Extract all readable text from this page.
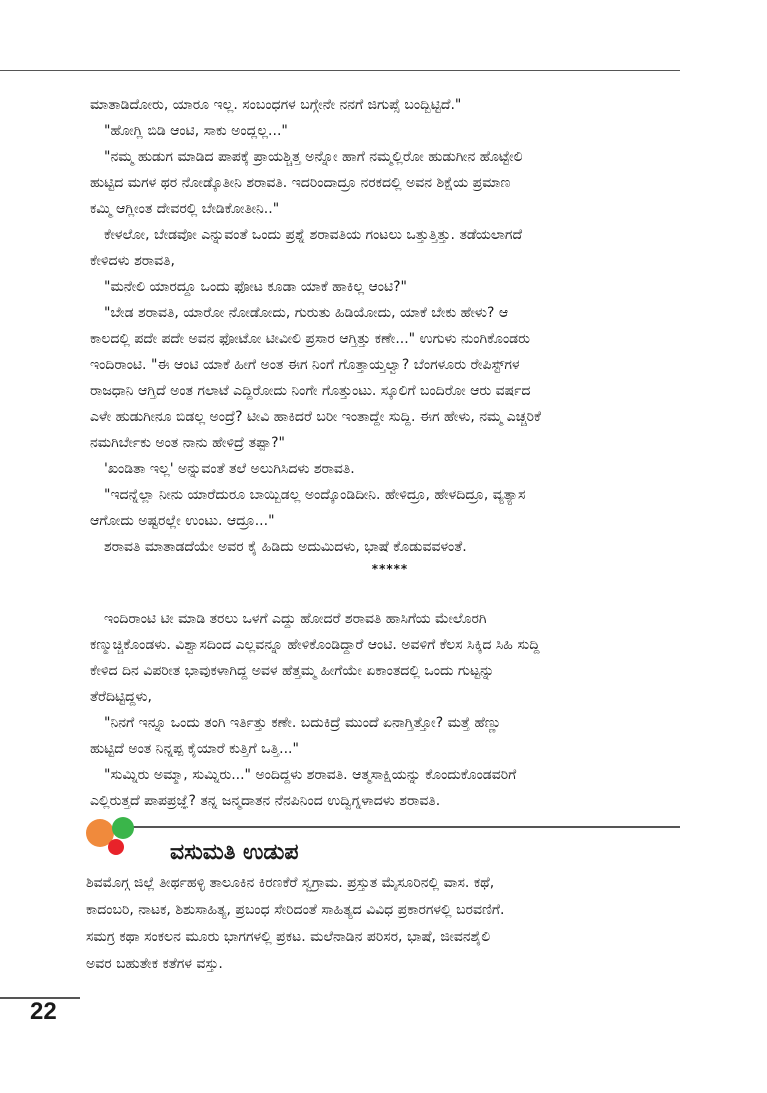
ಮಾತಾಡಿದೋರು, ಯಾರೂ ಇಲ್ಲ. ಸಂಬಂಧಗಳ ಬಗ್ಗೇನೇ ನನಗೆ ಜಿಗುಪ್ಸೆ ಬಂದ್ಬಿಟ್ಟಿದೆ."
"ಹೋಗ್ಲಿ ಬಿಡಿ ಆಂಟಿ, ಸಾಕು ಅಂದ್ಲಲ್ಲ..."
"ನಮ್ಮ ಹುಡುಗ ಮಾಡಿದ ಪಾಪಕ್ಕೆ ಪ್ರಾಯಶ್ಚಿತ್ತ ಅನ್ನೋ ಹಾಗೆ ನಮ್ಮಲ್ಲಿರೋ ಹುಡುಗೀನ ಹೊಟ್ಟೇಲಿ
ಹುಟ್ಟಿದ ಮಗಳ ಥರ ನೋಡ್ಕೊತೀನಿ ಶರಾವತಿ. ಇದರಿಂದಾದ್ರೂ ನರಕದಲ್ಲಿ ಅವನ ಶಿಕ್ಷೆಯ ಪ್ರಮಾಣ
ಕಮ್ಮಿ ಆಗ್ಲೀಂತ ದೇವರಲ್ಲಿ ಬೇಡಿಕೋತೀನಿ.."
ಕೇಳಲೋ, ಬೇಡವೋ ಎನ್ನುವಂತೆ ಒಂದು ಪ್ರಶ್ನೆ ಶರಾವತಿಯ ಗಂಟಲು ಒತ್ತುತ್ತಿತ್ತು. ತಡೆಯಲಾಗದೆ
ಕೇಳಿದಳು ಶರಾವತಿ,
"ಮನೇಲಿ ಯಾರದ್ದೂ ಒಂದು ಫೋಟ ಕೂಡಾ ಯಾಕೆ ಹಾಕಿಲ್ಲ ಆಂಟಿ?"
"ಬೇಡ ಶರಾವತಿ, ಯಾರೋ ನೋಡೋದು, ಗುರುತು ಹಿಡಿಯೋದು, ಯಾಕೆ ಬೇಕು ಹೇಳು? ಆ
ಕಾಲದಲ್ಲಿ ಪದೇ ಪದೇ ಅವನ ಫೋಟೋ ಟೀವೀಲಿ ಪ್ರಸಾರ ಆಗ್ತಿತ್ತು ಕಣೇ..." ಉಗುಳು ನುಂಗಿಕೊಂಡರು
ಇಂದಿರಾಂಟಿ. "ಈ ಆಂಟಿ ಯಾಕೆ ಹೀಗೆ ಅಂತ ಈಗ ನಿಂಗೆ ಗೊತ್ತಾಯ್ತಲ್ವಾ? ಬೆಂಗಳೂರು ರೇಪಿಸ್ಟ್‌ಗಳ
ರಾಜಧಾನಿ ಆಗ್ತಿದೆ ಅಂತ ಗಲಾಟೆ ಎದ್ದಿರೋದು ನಿಂಗೇ ಗೊತ್ತುಂಟು. ಸ್ಕೂಲಿಗೆ ಬಂದಿರೋ ಆರು ವರ್ಷದ
ಎಳೇ ಹುಡುಗೀನೂ ಬಿಡಲ್ಲ ಅಂದ್ರೆ? ಟೀವಿ ಹಾಕಿದರೆ ಬರೀ ಇಂತಾದ್ದೇ ಸುದ್ದಿ. ಈಗ ಹೇಳು, ನಮ್ಮ ಎಚ್ಚರಿಕೆ
ನಮಗಿರ್ಬೇಕು ಅಂತ ನಾನು ಹೇಳಿದ್ರೆ ತಪ್ಪಾ?"
'ಖಂಡಿತಾ ಇಲ್ಲ' ಅನ್ನುವಂತೆ ತಲೆ ಅಲುಗಿಸಿದಳು ಶರಾವತಿ.
"ಇದನ್ನೆಲ್ಲಾ ನೀನು ಯಾರೆದುರೂ ಬಾಯ್ಬಿಡಲ್ಲ ಅಂದ್ಕೊಂಡಿದೀನಿ. ಹೇಳಿದ್ರೂ, ಹೇಳದಿದ್ರೂ, ವ್ಯತ್ಯಾಸ
ಆಗೋದು ಅಷ್ಟರಲ್ಲೇ ಉಂಟು. ಆದ್ರೂ..."
ಶರಾವತಿ ಮಾತಾಡದೆಯೇ ಅವರ ಕೈ ಹಿಡಿದು ಅದುಮಿದಳು, ಭಾಷೆ ಕೊಡುವವಳಂತೆ.
*****
ಇಂದಿರಾಂಟಿ ಟೀ ಮಾಡಿ ತರಲು ಒಳಗೆ ಎದ್ದು ಹೋದರೆ ಶರಾವತಿ ಹಾಸಿಗೆಯ ಮೇಲೊರಗಿ
ಕಣ್ಮುಚ್ಚಿಕೊಂಡಳು. ವಿಶ್ವಾಸದಿಂದ ಎಲ್ಲವನ್ನೂ ಹೇಳಿಕೊಂಡಿದ್ದಾರೆ ಆಂಟಿ. ಅವಳಿಗೆ ಕೆಲಸ ಸಿಕ್ಕಿದ ಸಿಹಿ ಸುದ್ದಿ
ಕೇಳಿದ ದಿನ ವಿಪರೀತ ಭಾವುಕಳಾಗಿದ್ದ ಅವಳ ಹೆತ್ತಮ್ಮ ಹೀಗೆಯೇ ಏಕಾಂತದಲ್ಲಿ ಒಂದು ಗುಟ್ಟನ್ನು
ತೆರೆದಿಟ್ಟಿದ್ದಳು,
"ನಿನಗೆ ಇನ್ನೂ ಒಂದು ತಂಗಿ ಇರ್ತಿತ್ತು ಕಣೇ. ಬದುಕಿದ್ರೆ ಮುಂದೆ ಏನಾಗ್ತಿತ್ತೋ? ಮತ್ತೆ ಹೆಣ್ಣು
ಹುಟ್ಟಿದೆ ಅಂತ ನಿನ್ನಪ್ಪ ಕೈಯಾರೆ ಕುತ್ತಿಗೆ ಒತ್ತಿ..."
"ಸುಮ್ನಿರು ಅಮ್ಮಾ, ಸುಮ್ನಿರು..." ಅಂದಿದ್ದಳು ಶರಾವತಿ. ಆತ್ಮಸಾಕ್ಷಿಯನ್ನು ಕೊಂದುಕೊಂಡವರಿಗೆ
ಎಲ್ಲಿರುತ್ತದೆ ಪಾಪಪ್ರಜ್ಞೆ? ತನ್ನ ಜನ್ಮದಾತನ ನೆನಪಿನಿಂದ ಉದ್ವಿಗ್ನಳಾದಳು ಶರಾವತಿ.
ವಸುಮತಿ ಉಡುಪ
ಶಿವಮೊಗ್ಗ ಜಿಲ್ಲೆ ತೀರ್ಥಹಳ್ಳಿ ತಾಲೂಕಿನ ಕಿರಣಕೆರೆ ಸ್ವಗ್ರಾಮ. ಪ್ರಸ್ತುತ ಮೈಸೂರಿನಲ್ಲಿ ವಾಸ. ಕಥೆ,
ಕಾದಂಬರಿ, ನಾಟಕ, ಶಿಶುಸಾಹಿತ್ಯ, ಪ್ರಬಂಧ ಸೇರಿದಂತೆ ಸಾಹಿತ್ಯದ ವಿವಿಧ ಪ್ರಕಾರಗಳಲ್ಲಿ ಬರವಣಿಗೆ.
ಸಮಗ್ರ ಕಥಾ ಸಂಕಲನ ಮೂರು ಭಾಗಗಳಲ್ಲಿ ಪ್ರಕಟ. ಮಲೆನಾಡಿನ ಪರಿಸರ, ಭಾಷೆ, ಜೀವನಶೈಲಿ
ಅವರ ಬಹುತೇಕ ಕತೆಗಳ ವಸ್ತು.
22
